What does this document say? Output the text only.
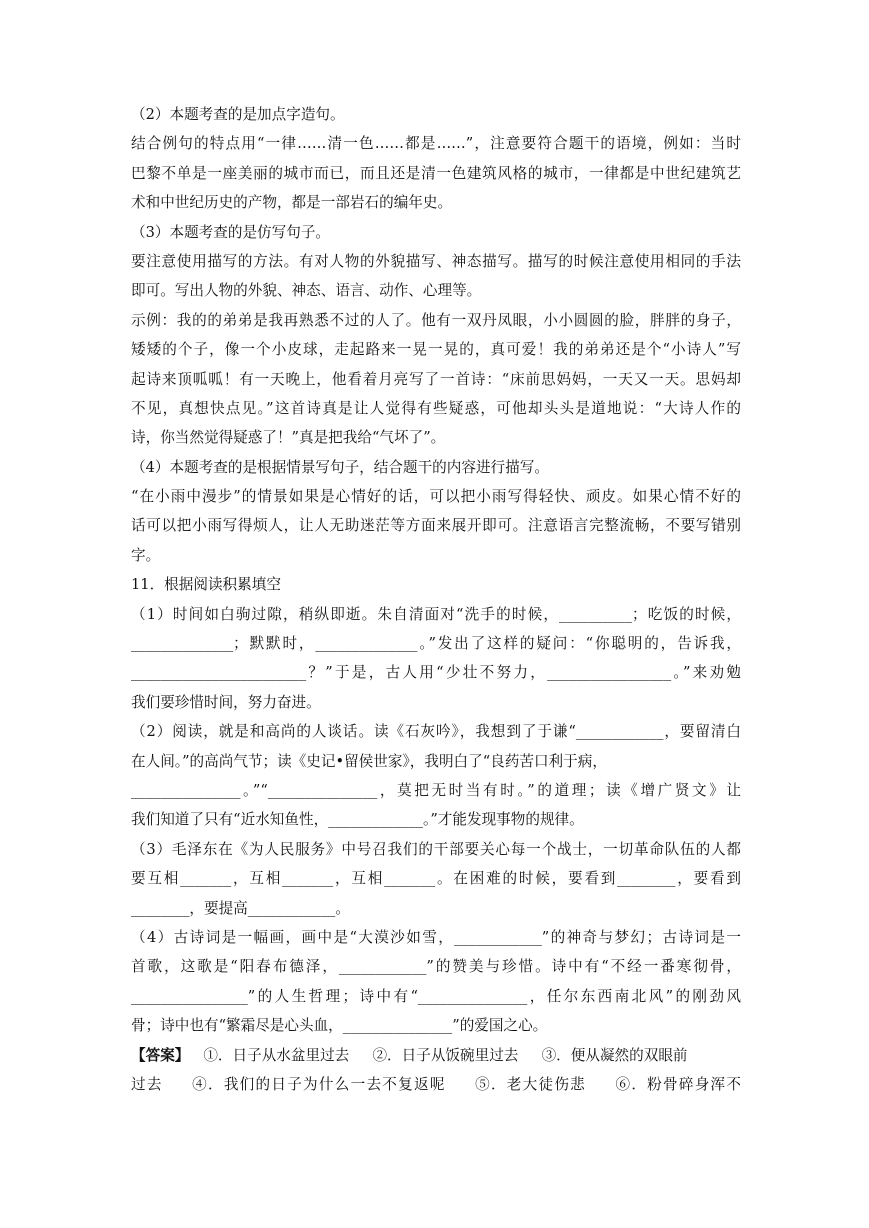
（2）本题考查的是加点字造句。
结合例句的特点用“一律……清一色……都是……”，注意要符合题干的语境，例如：当时
巴黎不单是一座美丽的城市而已，而且还是清一色建筑风格的城市，一律都是中世纪建筑艺
术和中世纪历史的产物，都是一部岩石的编年史。
（3）本题考查的是仿写句子。
要注意使用描写的方法。有对人物的外貌描写、神态描写。描写的时候注意使用相同的手法
即可。写出人物的外貌、神态、语言、动作、心理等。
示例：我的的弟弟是我再熟悉不过的人了。他有一双丹凤眼，小小圆圆的脸，胖胖的身子，
矮矮的个子，像一个小皮球，走起路来一晃一晃的，真可爱！我的弟弟还是个“小诗人”写
起诗来顶呱呱！有一天晚上，他看着月亮写了一首诗：“床前思妈妈，一天又一天。思妈却
不见，真想快点见。”这首诗真是让人觉得有些疑惑，可他却头头是道地说：“大诗人作的
诗，你当然觉得疑惑了！”真是把我给“气坏了”。
（4）本题考查的是根据情景写句子，结合题干的内容进行描写。
“在小雨中漫步”的情景如果是心情好的话，可以把小雨写得轻快、顽皮。如果心情不好的
话可以把小雨写得烦人，让人无助迷茫等方面来展开即可。注意语言完整流畅，不要写错别
字。
11．根据阅读积累填空
（1）时间如白驹过隙，稍纵即逝。朱自清面对“洗手的时候，__________；吃饭的时候，
______________；默默时，______________。”发出了这样的疑问：“你聪明的，告诉我，
________________________？”于是，古人用“少壮不努力，_________________。”来劝勉
我们要珍惜时间，努力奋进。
（2）阅读，就是和高尚的人谈话。读《石灰吟》，我想到了于谦“____________，要留清白
在人间。”的高尚气节；读《史记•留侯世家》，我明白了“良药苦口利于病，
_______________。”“_______________，莫把无时当有时。”的道理；读《增广贤文》让
我们知道了只有“近水知鱼性，_____________。”才能发现事物的规律。
（3）毛泽东在《为人民服务》中号召我们的干部要关心每一个战士，一切革命队伍的人都
要互相_______，互相_______，互相_______。在困难的时候，要看到________，要看到
________，要提高____________。
（4）古诗词是一幅画，画中是“大漠沙如雪，____________”的神奇与梦幻；古诗词是一
首歌，这歌是“阳春布德泽，____________”的赞美与珍惜。诗中有“不经一番寒彻骨，
________________”的人生哲理；诗中有“_______________，任尔东西南北风”的刚劲风
骨；诗中也有“繁霜尽是心头血，_______________”的爱国之心。
【答案】 ①．日子从水盆里过去     ②．日子从饭碗里过去     ③．便从凝然的双眼前
过去     ④．我们的日子为什么一去不复返呢     ⑤．老大徒伤悲     ⑥．粉骨碎身浑不
